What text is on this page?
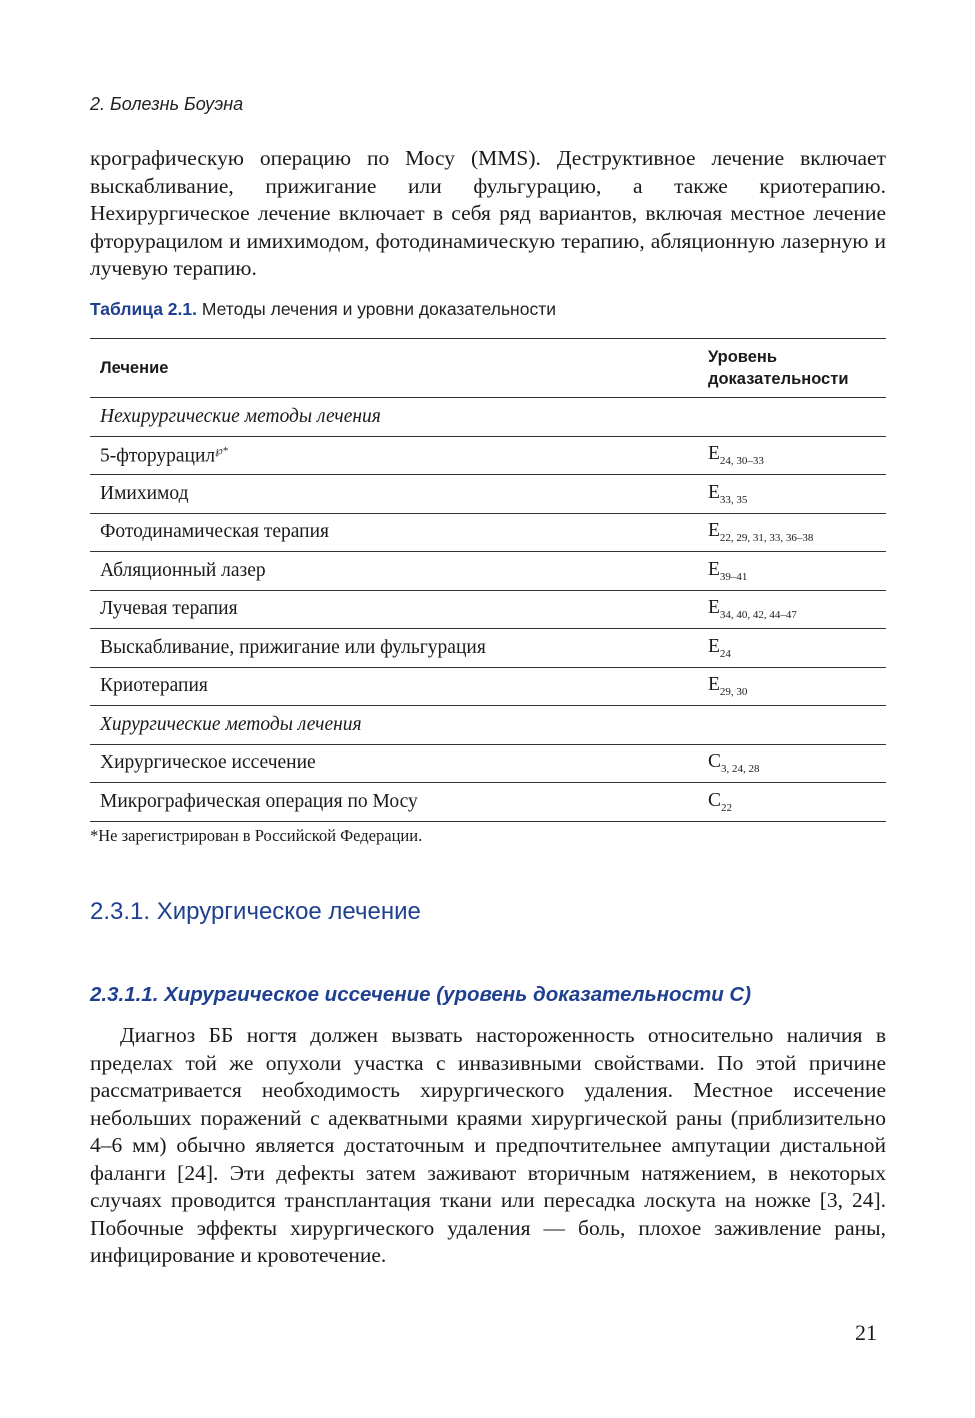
2. Болезнь Боуэна

крографическую операцию по Мосу (MMS). Деструктивное лечение включает выскабливание, прижигание или фульгурацию, а также криотерапию. Нехирургическое лечение включает в себя ряд вариантов, включая местное лечение фторурацилом и имихимодом, фотодинамическую терапию, абляционную лазерную и лучевую терапию.

Таблица 2.1. Методы лечения и уровни доказательности
Лечение	Уровень
доказательности
Нехирургические методы лечения	
5-фторурацил℘*	$E_{24, 30-33}$
Имихимод	$E_{33, 35}$
Фотодинамическая терапия	$E_{22, 29, 31, 33, 36-38}$
Абляционный лазер	$E_{39-41}$
Лучевая терапия	$E_{34, 40, 42, 44-47}$
Выскабливание, прижигание или фульгурация	$E_{24}$
Криотерапия	$E_{29, 30}$
Хирургические методы лечения	
Хирургическое иссечение	$C_{3, 24, 28}$
Микрографическая операция по Мосу	$C_{22}$
*Не зарегистрирован в Российской Федерации.
2.3.1. Хирургическое лечение
2.3.1.1. Хирургическое иссечение (уровень доказательности С)

Диагноз ББ ногтя должен вызвать настороженность относительно наличия в пределах той же опухоли участка с инвазивными свойствами. По этой причине рассматривается необходимость хирургического удаления. Местное иссечение небольших поражений с адекватными краями хирургической раны (приблизительно 4–6 мм) обычно является достаточным и предпочтительнее ампутации дистальной фаланги [24]. Эти дефекты затем заживают вторичным натяжением, в некоторых случаях проводится трансплантация ткани или пересадка лоскута на ножке [3, 24]. Побочные эффекты хирургического удаления — боль, плохое заживление раны, инфицирование и кровотечение.

21
